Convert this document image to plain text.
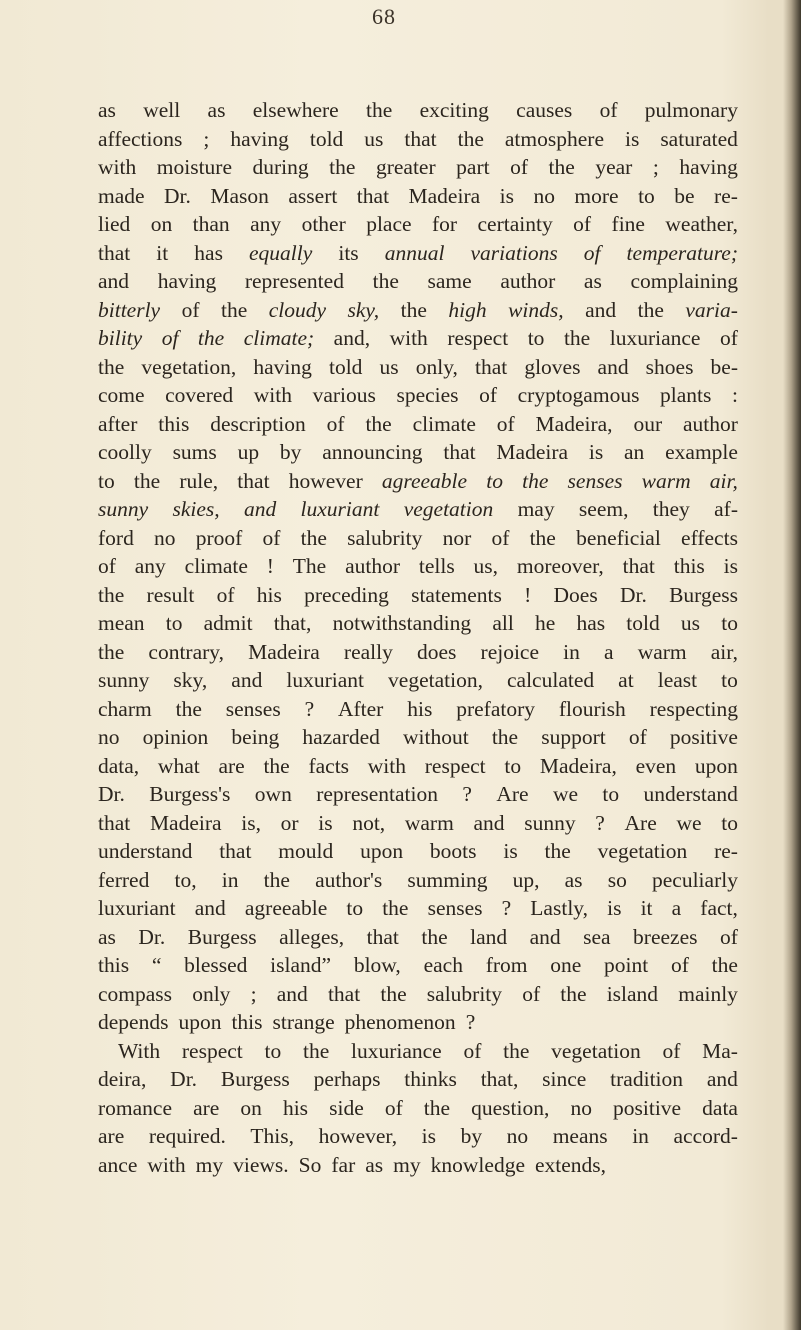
68
as well as elsewhere the exciting causes of pulmonary
affections ; having told us that the atmosphere is saturated
with moisture during the greater part of the year ; having
made Dr. Mason assert that Madeira is no more to be re-
lied on than any other place for certainty of fine weather,
that it has equally its annual variations of temperature;
and having represented the same author as complaining
bitterly of the cloudy sky, the high winds, and the varia-
bility of the climate; and, with respect to the luxuriance of
the vegetation, having told us only, that gloves and shoes be-
come covered with various species of cryptogamous plants :
after this description of the climate of Madeira, our author
coolly sums up by announcing that Madeira is an example
to the rule, that however agreeable to the senses warm air,
sunny skies, and luxuriant vegetation may seem, they af-
ford no proof of the salubrity nor of the beneficial effects
of any climate ! The author tells us, moreover, that this is
the result of his preceding statements ! Does Dr. Burgess
mean to admit that, notwithstanding all he has told us to
the contrary, Madeira really does rejoice in a warm air,
sunny sky, and luxuriant vegetation, calculated at least to
charm the senses ? After his prefatory flourish respecting
no opinion being hazarded without the support of positive
data, what are the facts with respect to Madeira, even upon
Dr. Burgess's own representation ? Are we to understand
that Madeira is, or is not, warm and sunny ? Are we to
understand that mould upon boots is the vegetation re-
ferred to, in the author's summing up, as so peculiarly
luxuriant and agreeable to the senses ? Lastly, is it a fact,
as Dr. Burgess alleges, that the land and sea breezes of
this “ blessed island” blow, each from one point of the
compass only ; and that the salubrity of the island mainly
depends upon this strange phenomenon ?
With respect to the luxuriance of the vegetation of Ma-
deira, Dr. Burgess perhaps thinks that, since tradition and
romance are on his side of the question, no positive data
are required. This, however, is by no means in accord-
ance with my views. So far as my knowledge extends,
